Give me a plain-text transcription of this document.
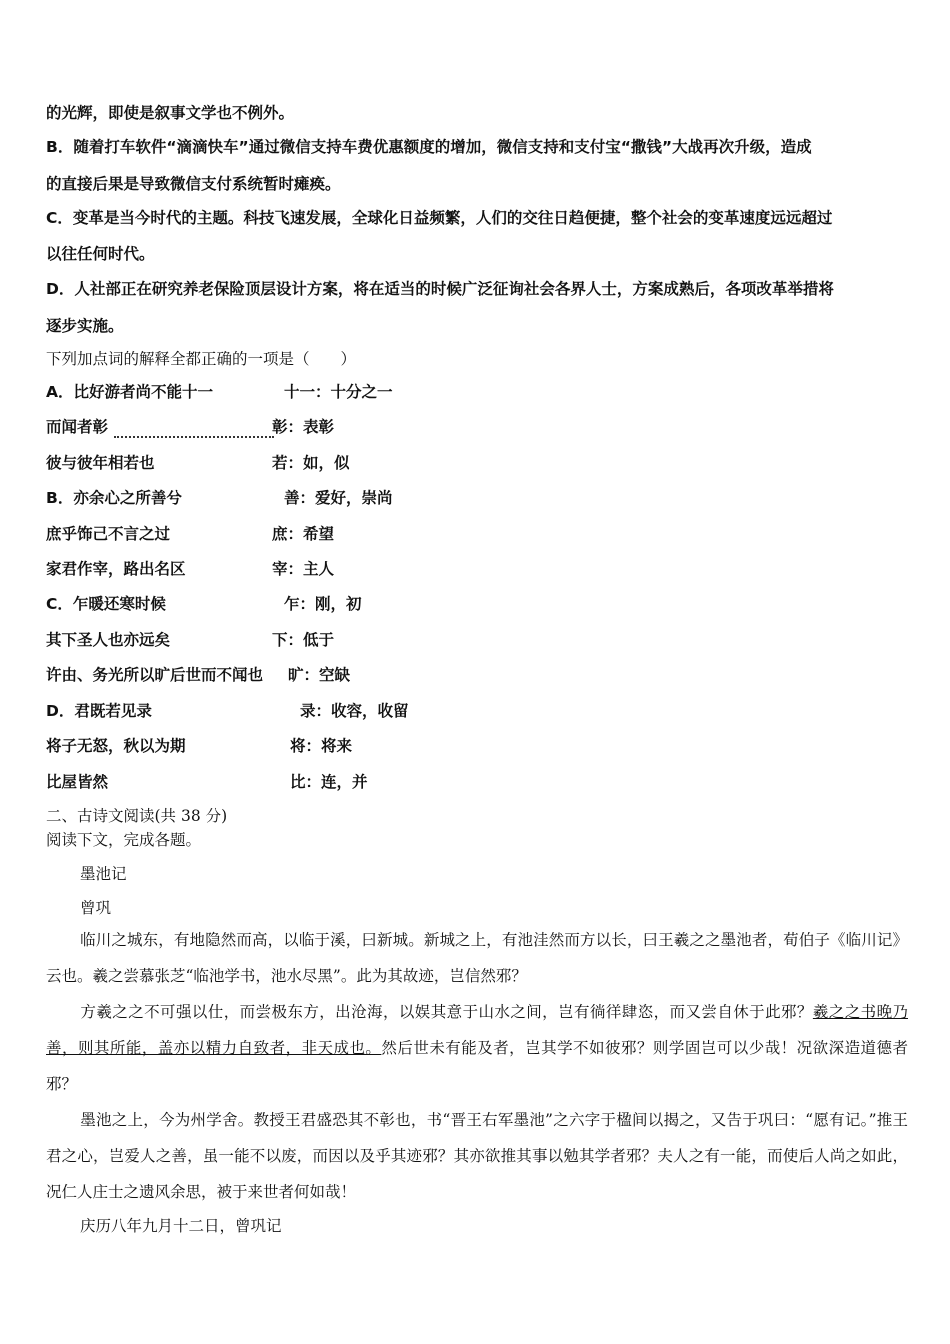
的光辉，即使是叙事文学也不例外。
B．随着打车软件“滴滴快车”通过微信支持车费优惠额度的增加，微信支持和支付宝“撒钱”大战再次升级，造成
的直接后果是导致微信支付系统暂时瘫痪。
C．变革是当今时代的主题。科技飞速发展，全球化日益频繁，人们的交往日趋便捷，整个社会的变革速度远远超过
以往任何时代。
D．人社部正在研究养老保险顶层设计方案，将在适当的时候广泛征询社会各界人士，方案成熟后，各项改革举措将
逐步实施。
下列加点词的解释全都正确的一项是（　　）
A．比好游者尚不能十一	十一：十分之一
而闻者彰	彰：表彰
彼与彼年相若也	若：如，似
B．亦余心之所善兮	善：爱好，崇尚
庶乎饰己不言之过	庶：希望
家君作宰，路出名区	宰：主人
C．乍暖还寒时候	乍：刚，初
其下圣人也亦远矣	下：低于
许由、务光所以旷后世而不闻也 旷：空缺
D．君既若见录	录：收容，收留
将子无怒，秋以为期	将：将来
比屋皆然	比：连，并
二、古诗文阅读(共 38 分)
阅读下文，完成各题。
墨池记
曾巩
临川之城东，有地隐然而高，以临于溪，曰新城。新城之上，有池洼然而方以长，曰王羲之之墨池者，荀伯子《临川记》云也。羲之尝慕张芝“临池学书，池水尽黑”。此为其故迹，岂信然邪？
方羲之之不可强以仕，而尝极东方，出沧海，以娱其意于山水之间，岂有徜徉肆恣，而又尝自休于此邪？羲之之书晚乃善，则其所能，盖亦以精力自致者，非天成也。然后世未有能及者，岂其学不如彼邪？则学固岂可以少哉！况欲深造道德者邪？
墨池之上，今为州学舍。教授王君盛恐其不彰也，书“晋王右军墨池”之六字于楹间以揭之，又告于巩曰：“愿有记。”推王君之心，岂爱人之善，虽一能不以废，而因以及乎其迹邪？其亦欲推其事以勉其学者邪？夫人之有一能，而使后人尚之如此，况仁人庄士之遗风余思，被于来世者何如哉！
庆历八年九月十二日，曾巩记
